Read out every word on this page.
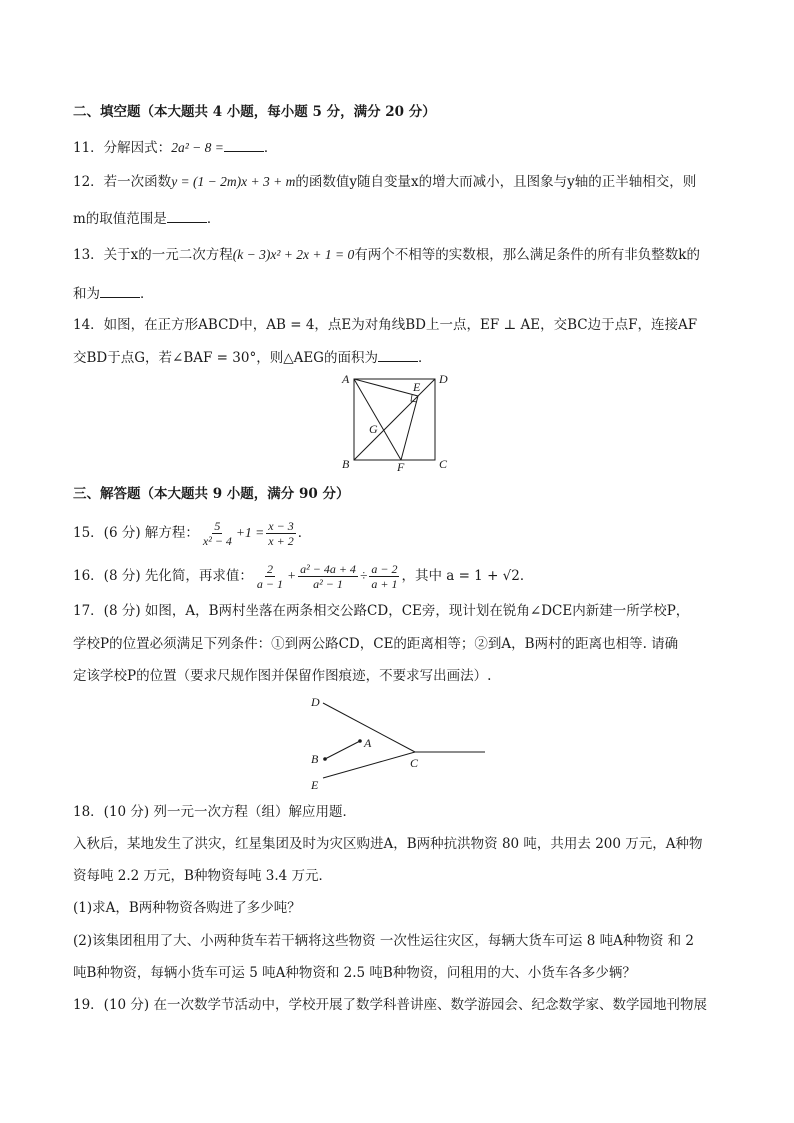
二、填空题（本大题共 4 小题，每小题 5 分，满分 20 分）
11．分解因式：2a² − 8 =	．
12．若一次函数y = (1 − 2m)x + 3 + m的函数值y随自变量x的增大而减小，且图象与y轴的正半轴相交，则
m的取值范围是	．
13．关于x的一元二次方程(k − 3)x² + 2x + 1 = 0有两个不相等的实数根，那么满足条件的所有非负整数k的
和为	．
14．如图，在正方形ABCD中，AB = 4，点E为对角线BD上一点，EF ⊥ AE，交BC边于点F，连接AF
交BD于点G，若∠BAF = 30°，则△AEG的面积为	．
A	D
B	C
E
F
G
三、解答题（本大题共 9 小题，满分 90 分）
15．(6 分) 解方程： $\frac{5}{\text{x² − 4}} +1 = \frac{x - 3}{x + 2}$ ．
16．(8 分) 先化简，再求值： $\frac{2}{a - 1} + \frac{\text{a² − 4a + 4}}{\text{a² − 1}} \div \frac{a - 2}{a + 1}$ ，其中 a = 1 + √2．
17．(8 分) 如图，A，B两村坐落在两条相交公路CD，CE旁，现计划在锐角∠DCE内新建一所学校P，
学校P的位置必须满足下列条件：①到两公路CD，CE的距离相等；②到A，B两村的距离也相等. 请确
定该学校P的位置（要求尺规作图并保留作图痕迹，不要求写出画法）.
D
A
B	C
E
18．(10 分) 列一元一次方程（组）解应用题．
入秋后，某地发生了洪灾，红星集团及时为灾区购进A，B两种抗洪物资 80 吨，共用去 200 万元，A种物
资每吨 2.2 万元，B种物资每吨 3.4 万元．
(1)求A，B两种物资各购进了多少吨？
(2)该集团租用了大、小两种货车若干辆将这些物资 一次性运往灾区，每辆大货车可运 8 吨A种物资 和 2
吨B种物资，每辆小货车可运 5 吨A种物资和 2.5 吨B种物资，问租用的大、小货车各多少辆？
19．(10 分) 在一次数学节活动中，学校开展了数学科普讲座、数学游园会、纪念数学家、数学园地刊物展
